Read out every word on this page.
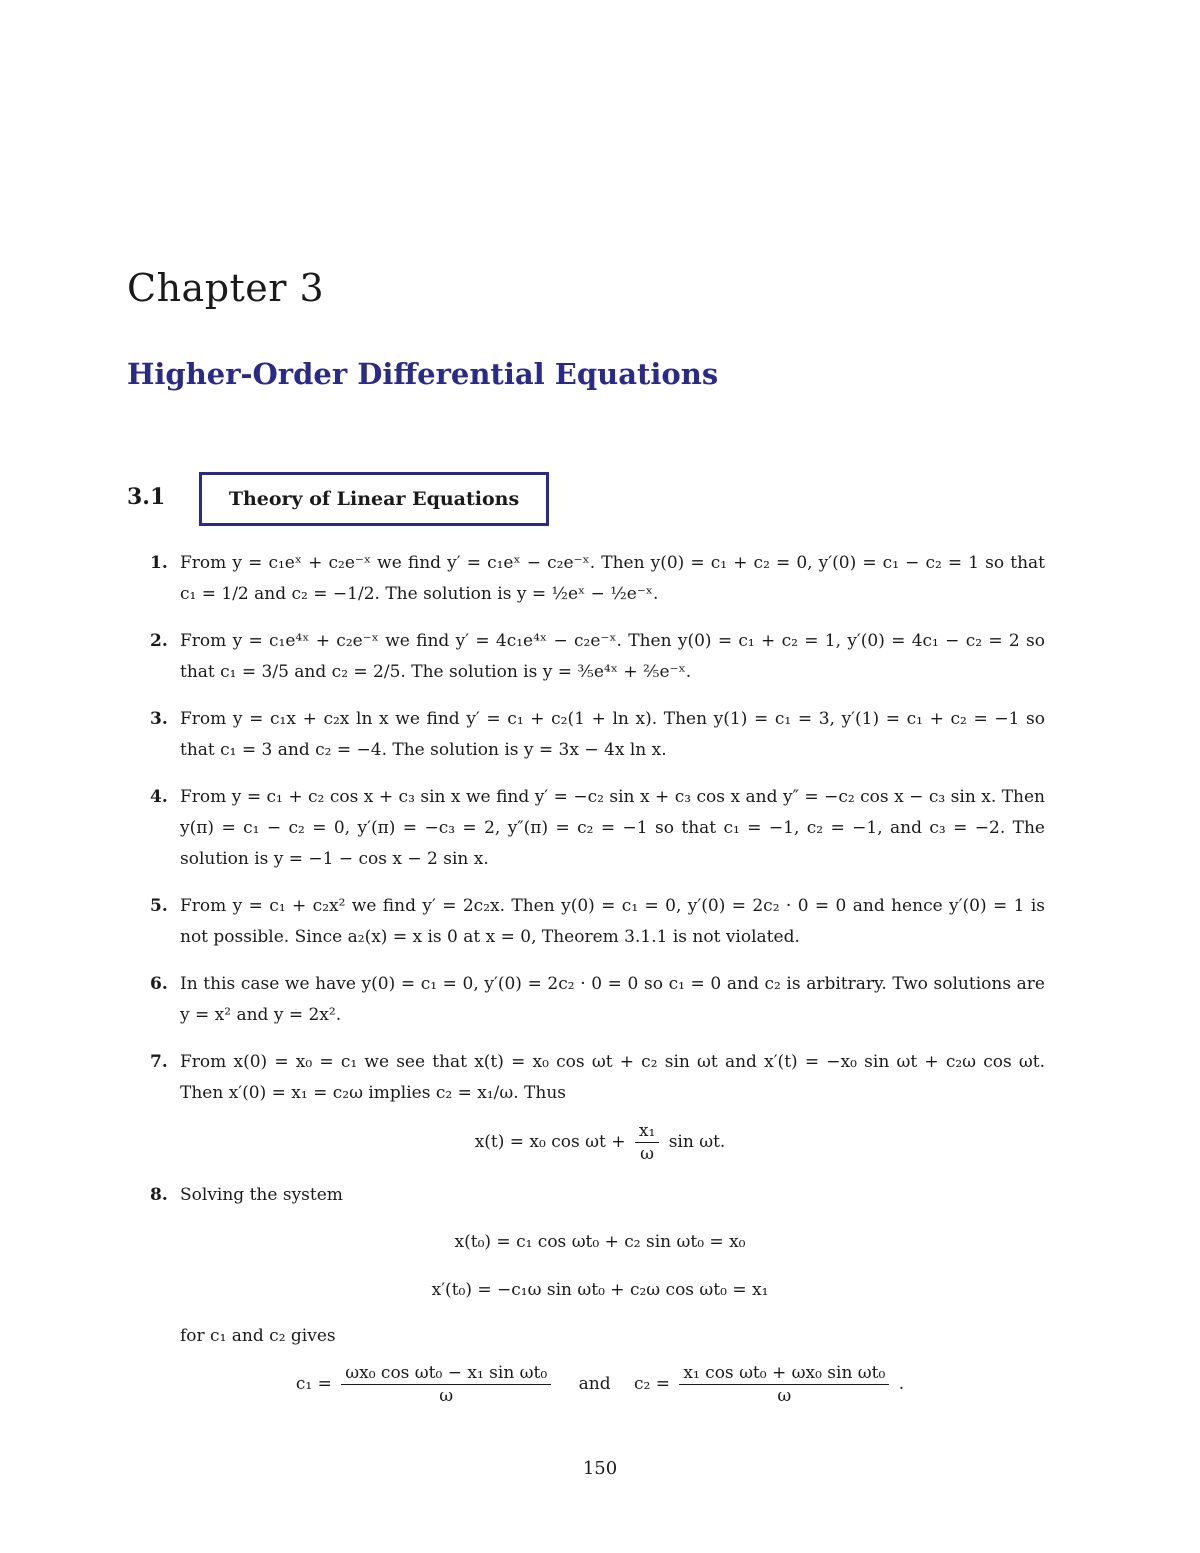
Chapter 3
Higher-Order Differential Equations
3.1	Theory of Linear Equations
1. From y = c₁eˣ + c₂e⁻ˣ we find y′ = c₁eˣ − c₂e⁻ˣ. Then y(0) = c₁ + c₂ = 0, y′(0) = c₁ − c₂ = 1 so that c₁ = 1/2 and c₂ = −1/2. The solution is y = ½eˣ − ½e⁻ˣ.
2. From y = c₁e⁴ˣ + c₂e⁻ˣ we find y′ = 4c₁e⁴ˣ − c₂e⁻ˣ. Then y(0) = c₁ + c₂ = 1, y′(0) = 4c₁ − c₂ = 2 so that c₁ = 3/5 and c₂ = 2/5. The solution is y = ³⁄₅e⁴ˣ + ²⁄₅e⁻ˣ.
3. From y = c₁x + c₂x ln x we find y′ = c₁ + c₂(1 + ln x). Then y(1) = c₁ = 3, y′(1) = c₁ + c₂ = −1 so that c₁ = 3 and c₂ = −4. The solution is y = 3x − 4x ln x.
4. From y = c₁ + c₂ cos x + c₃ sin x we find y′ = −c₂ sin x + c₃ cos x and y″ = −c₂ cos x − c₃ sin x. Then y(π) = c₁ − c₂ = 0, y′(π) = −c₃ = 2, y″(π) = c₂ = −1 so that c₁ = −1, c₂ = −1, and c₃ = −2. The solution is y = −1 − cos x − 2 sin x.
5. From y = c₁ + c₂x² we find y′ = 2c₂x. Then y(0) = c₁ = 0, y′(0) = 2c₂ · 0 = 0 and hence y′(0) = 1 is not possible. Since a₂(x) = x is 0 at x = 0, Theorem 3.1.1 is not violated.
6. In this case we have y(0) = c₁ = 0, y′(0) = 2c₂ · 0 = 0 so c₁ = 0 and c₂ is arbitrary. Two solutions are y = x² and y = 2x².
7. From x(0) = x₀ = c₁ we see that x(t) = x₀ cos ωt + c₂ sin ωt and x′(t) = −x₀ sin ωt + c₂ω cos ωt. Then x′(0) = x₁ = c₂ω implies c₂ = x₁/ω. Thus
x(t) = x₀ $\cos \omega t + \frac{\text{x₁}}{\omega}$ sin ωt.
8. Solving the system
x(t₀) = c₁ cos ωt₀ + c₂ sin ωt₀ = x₀
x′(t₀) = −c₁ω sin ωt₀ + c₂ω cos ωt₀ = x₁
for c₁ and c₂ gives
$c_1 = \frac{\text{ωx₀ cos ωt₀ − x₁ sin ωt₀}}{\omega}$ and $c_2 = \frac{\text{x₁ cos ωt₀ + ωx₀ sin ωt₀}}{\omega}$ .
150
